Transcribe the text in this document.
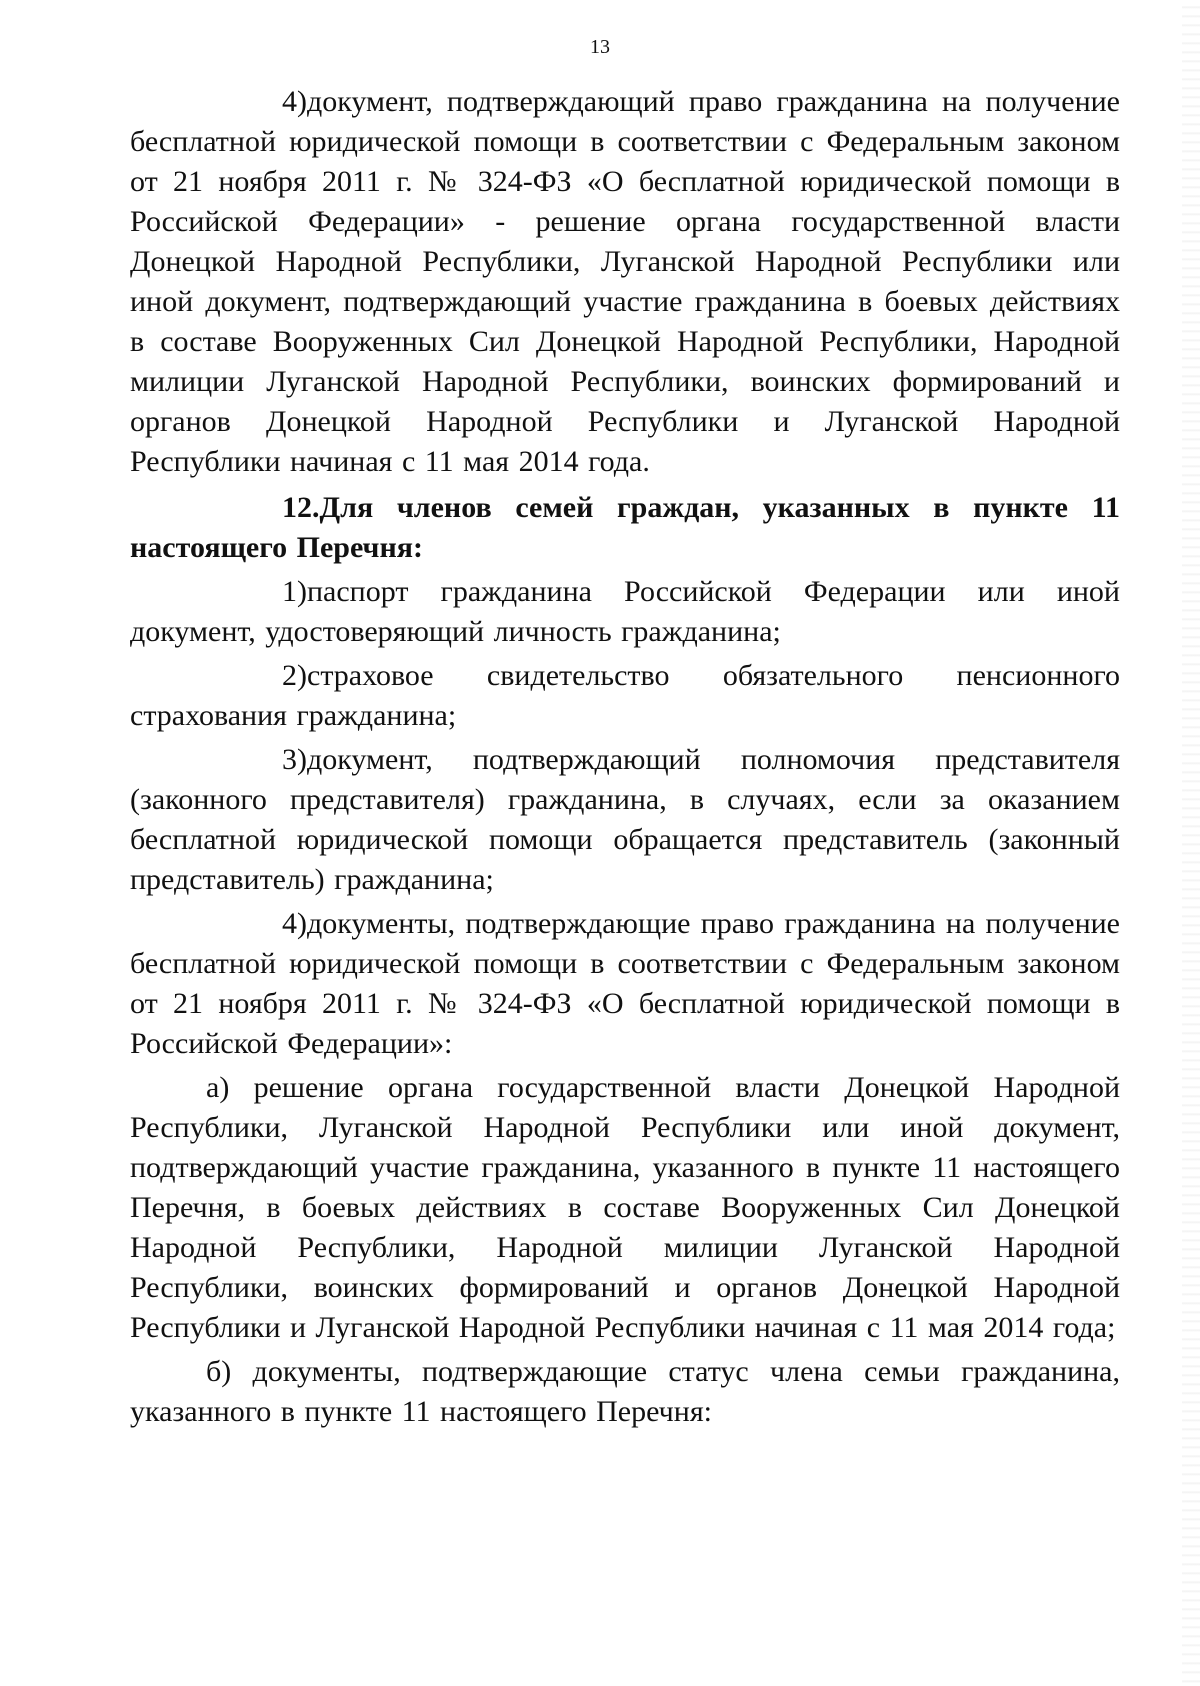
13

4)документ, подтверждающий право гражданина на получение бесплатной юридической помощи в соответствии с Федеральным законом от 21 ноября 2011 г. № 324-ФЗ «О бесплатной юридической помощи в Российской Федерации» - решение органа государственной власти Донецкой Народной Республики, Луганской Народной Республики или иной документ, подтверждающий участие гражданина в боевых действиях в составе Вооруженных Сил Донецкой Народной Республики, Народной милиции Луганской Народной Республики, воинских формирований и органов Донецкой Народной Республики и Луганской Народной Республики начиная с 11 мая 2014 года.

12.Для членов семей граждан, указанных в пункте 11 настоящего Перечня:

1)паспорт гражданина Российской Федерации или иной документ, удостоверяющий личность гражданина;

2)страховое свидетельство обязательного пенсионного страхования гражданина;

3)документ, подтверждающий полномочия представителя (законного представителя) гражданина, в случаях, если за оказанием бесплатной юридической помощи обращается представитель (законный представитель) гражданина;

4)документы, подтверждающие право гражданина на получение бесплатной юридической помощи в соответствии с Федеральным законом от 21 ноября 2011 г. № 324-ФЗ «О бесплатной юридической помощи в Российской Федерации»:

а) решение органа государственной власти Донецкой Народной Республики, Луганской Народной Республики или иной документ, подтверждающий участие гражданина, указанного в пункте 11 настоящего Перечня, в боевых действиях в составе Вооруженных Сил Донецкой Народной Республики, Народной милиции Луганской Народной Республики, воинских формирований и органов Донецкой Народной Республики и Луганской Народной Республики начиная с 11 мая 2014 года;

б) документы, подтверждающие статус члена семьи гражданина, указанного в пункте 11 настоящего Перечня:
